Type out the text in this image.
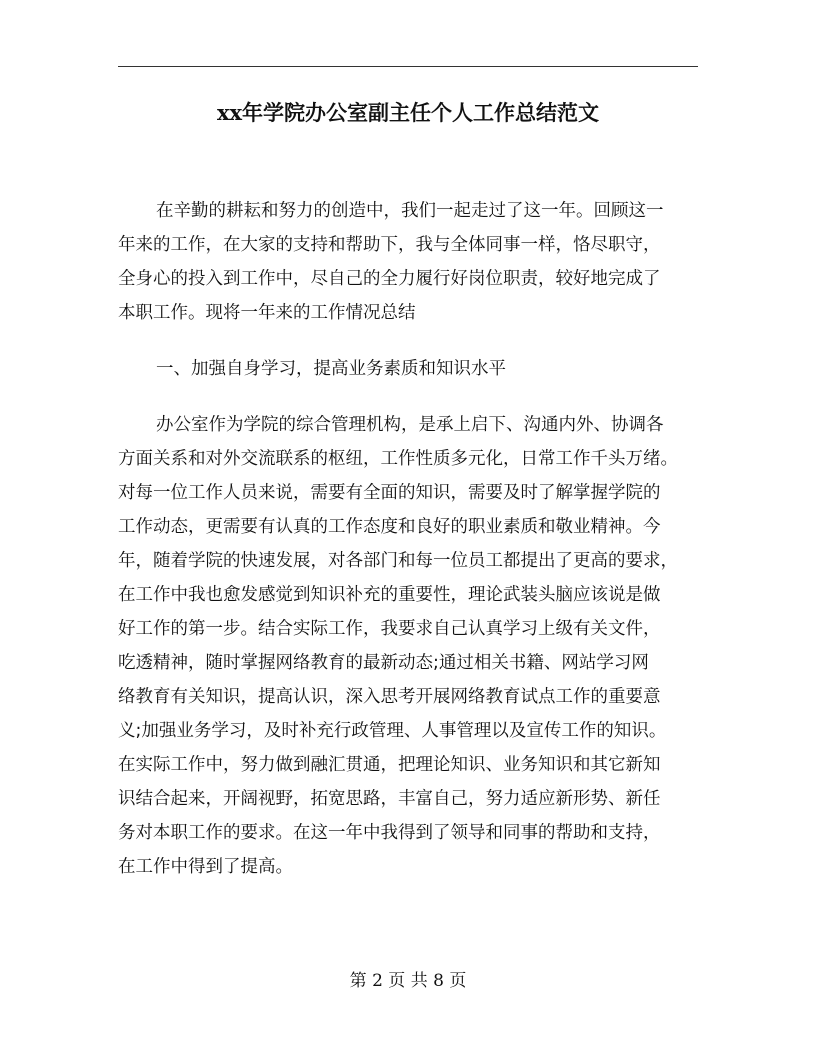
xx年学院办公室副主任个人工作总结范文
在辛勤的耕耘和努力的创造中，我们一起走过了这一年。回顾这一
年来的工作，在大家的支持和帮助下，我与全体同事一样，恪尽职守，
全身心的投入到工作中，尽自己的全力履行好岗位职责，较好地完成了
本职工作。现将一年来的工作情况总结
一、加强自身学习，提高业务素质和知识水平
办公室作为学院的综合管理机构，是承上启下、沟通内外、协调各
方面关系和对外交流联系的枢纽，工作性质多元化，日常工作千头万绪。
对每一位工作人员来说，需要有全面的知识，需要及时了解掌握学院的
工作动态，更需要有认真的工作态度和良好的职业素质和敬业精神。今
年，随着学院的快速发展，对各部门和每一位员工都提出了更高的要求，
在工作中我也愈发感觉到知识补充的重要性，理论武装头脑应该说是做
好工作的第一步。结合实际工作，我要求自己认真学习上级有关文件，
吃透精神，随时掌握网络教育的最新动态;通过相关书籍、网站学习网
络教育有关知识，提高认识，深入思考开展网络教育试点工作的重要意
义;加强业务学习，及时补充行政管理、人事管理以及宣传工作的知识。
在实际工作中，努力做到融汇贯通，把理论知识、业务知识和其它新知
识结合起来，开阔视野，拓宽思路，丰富自己，努力适应新形势、新任
务对本职工作的要求。在这一年中我得到了领导和同事的帮助和支持，
在工作中得到了提高。
第 2 页 共 8 页
